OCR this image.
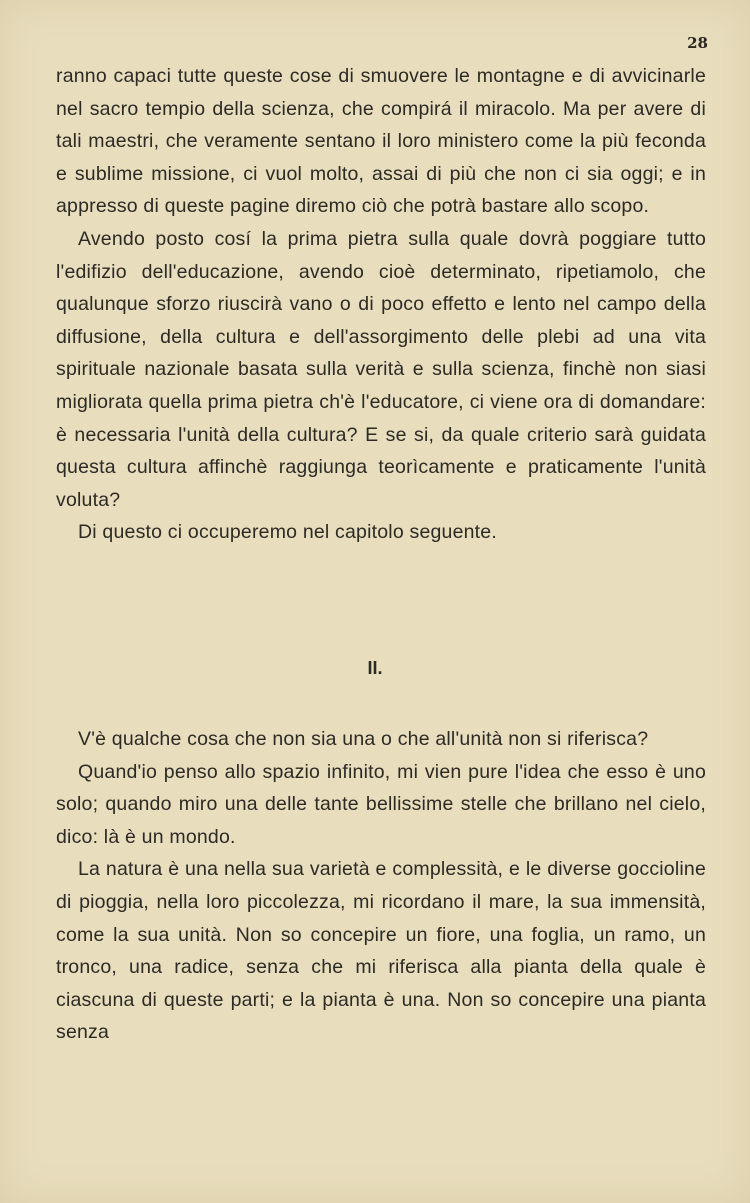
28

ranno capaci tutte queste cose di smuovere le montagne e di avvicinarle nel sacro tempio della scienza, che compirá il miracolo. Ma per avere di tali maestri, che veramente sentano il loro ministero come la più feconda e sublime missione, ci vuol molto, assai di più che non ci sia oggi; e in appresso di queste pagine diremo ciò che potrà bastare allo scopo.

Avendo posto cosí la prima pietra sulla quale dovrà poggiare tutto l'edifizio dell'educazione, avendo cioè determinato, ripetiamolo, che qualunque sforzo riuscirà vano o di poco effetto e lento nel campo della diffusione, della cultura e dell'assorgimento delle plebi ad una vita spirituale nazionale basata sulla verità e sulla scienza, finchè non siasi migliorata quella prima pietra ch'è l'educatore, ci viene ora di domandare: è necessaria l'unità della cultura? E se si, da quale criterio sarà guidata questa cultura affinchè raggiunga teorìcamente e praticamente l'unità voluta?

Di questo ci occuperemo nel capitolo seguente.

II.

V'è qualche cosa che non sia una o che all'unità non si riferisca?

Quand'io penso allo spazio infinito, mi vien pure l'idea che esso è uno solo; quando miro una delle tante bellissime stelle che brillano nel cielo, dico: là è un mondo.

La natura è una nella sua varietà e complessità, e le diverse goccioline di pioggia, nella loro piccolezza, mi ricordano il mare, la sua immensità, come la sua unità. Non so concepire un fiore, una foglia, un ramo, un tronco, una radice, senza che mi riferisca alla pianta della quale è ciascuna di queste parti; e la pianta è una. Non so concepire una pianta senza
